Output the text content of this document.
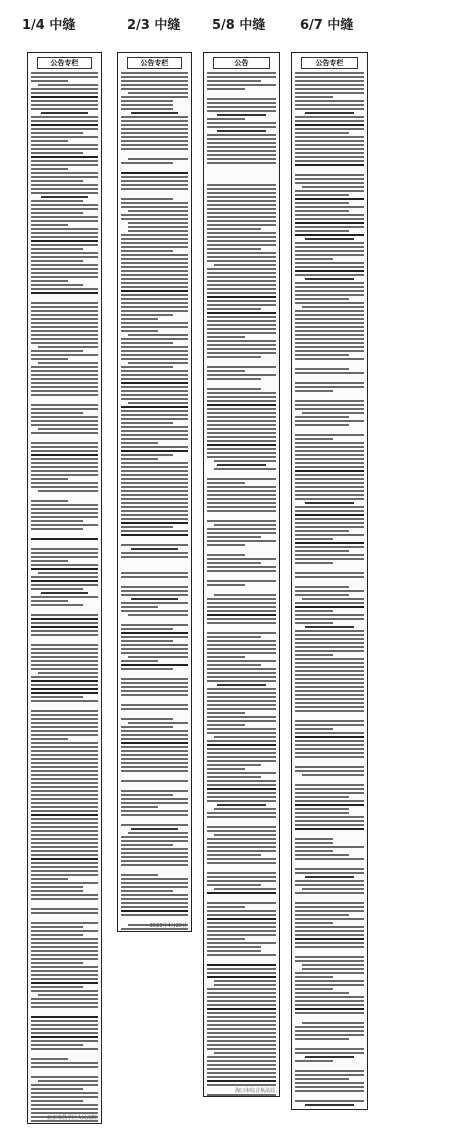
1/4 中缝	2/3 中缝 5/8 中缝	6/7 中缝
公告专栏
北京市昌平区人民法院
公告专栏
2023年4月20日
公告
海口市综合执法局
公告专栏
